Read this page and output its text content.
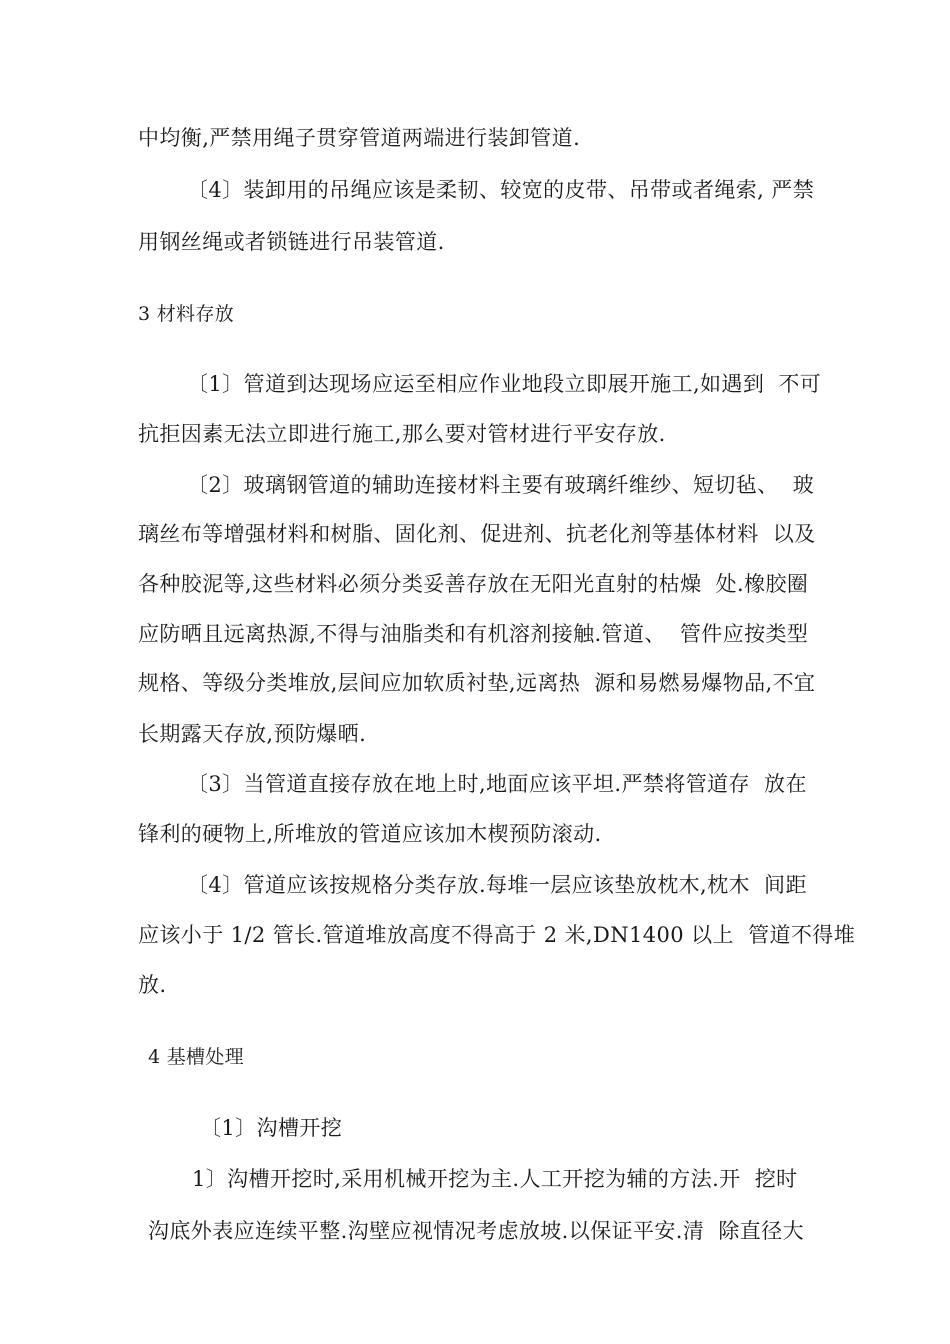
中均衡,严禁用绳子贯穿管道两端进行装卸管道.
〔4〕装卸用的吊绳应该是柔韧、较宽的皮带、吊带或者绳索, 严禁
用钢丝绳或者锁链进行吊装管道.
3 材料存放
〔1〕管道到达现场应运至相应作业地段立即展开施工,如遇到  不可
抗拒因素无法立即进行施工,那么要对管材进行平安存放.
〔2〕玻璃钢管道的辅助连接材料主要有玻璃纤维纱、短切毡、  玻
璃丝布等增强材料和树脂、固化剂、促进剂、抗老化剂等基体材料  以及
各种胶泥等,这些材料必须分类妥善存放在无阳光直射的枯燥  处.橡胶圈
应防晒且远离热源,不得与油脂类和有机溶剂接触.管道、  管件应按类型
规格、等级分类堆放,层间应加软质衬垫,远离热  源和易燃易爆物品,不宜
长期露天存放,预防爆晒.
〔3〕当管道直接存放在地上时,地面应该平坦.严禁将管道存  放在
锋利的硬物上,所堆放的管道应该加木楔预防滚动.
〔4〕管道应该按规格分类存放.每堆一层应该垫放枕木,枕木  间距
应该小于 1/2 管长.管道堆放高度不得高于 2 米,DN1400 以上  管道不得堆
放.
4 基槽处理
〔1〕沟槽开挖
1〕沟槽开挖时,采用机械开挖为主.人工开挖为辅的方法.开  挖时
沟底外表应连续平整.沟壁应视情况考虑放坡.以保证平安.清  除直径大
